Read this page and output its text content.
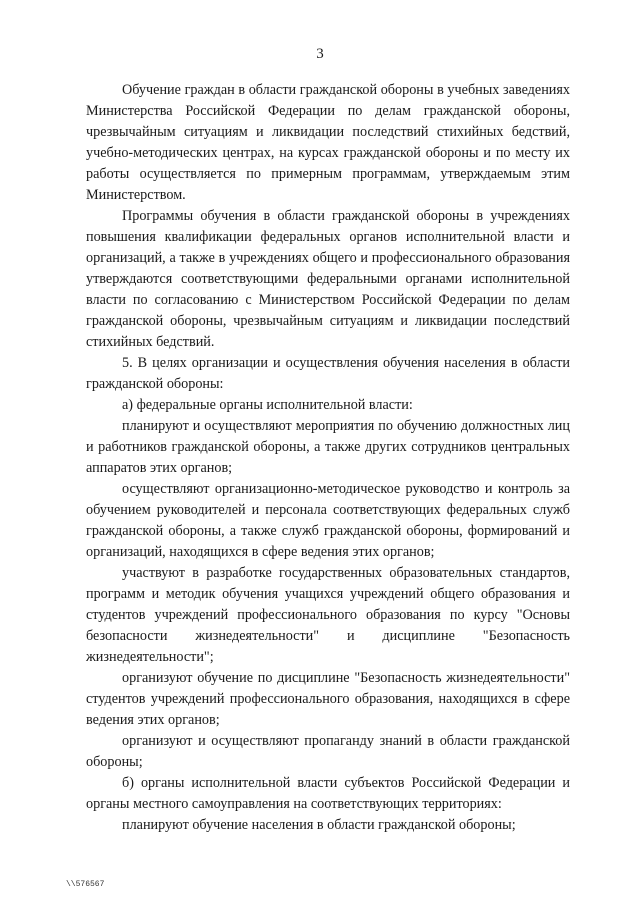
3

Обучение граждан в области гражданской обороны в учебных заведениях Министерства Российской Федерации по делам гражданской обороны, чрезвычайным ситуациям и ликвидации последствий стихийных бедствий, учебно-методических центрах, на курсах гражданской обороны и по месту их работы осуществляется по примерным программам, утверждаемым этим Министерством.

Программы обучения в области гражданской обороны в учреждениях повышения квалификации федеральных органов исполнительной власти и организаций, а также в учреждениях общего и профессионального образования утверждаются соответствующими федеральными органами исполнительной власти по согласованию с Министерством Российской Федерации по делам гражданской обороны, чрезвычайным ситуациям и ликвидации последствий стихийных бедствий.

5. В целях организации и осуществления обучения населения в области гражданской обороны:

а) федеральные органы исполнительной власти:

планируют и осуществляют мероприятия по обучению должностных лиц и работников гражданской обороны, а также других сотрудников центральных аппаратов этих органов;

осуществляют организационно-методическое руководство и контроль за обучением руководителей и персонала соответствующих федеральных служб гражданской обороны, а также служб гражданской обороны, формирований и организаций, находящихся в сфере ведения этих органов;

участвуют в разработке государственных образовательных стандартов, программ и методик обучения учащихся учреждений общего образования и студентов учреждений профессионального образования по курсу "Основы безопасности жизнедеятельности" и дисциплине "Безопасность жизнедеятельности";

организуют обучение по дисциплине "Безопасность жизнедеятельности" студентов учреждений профессионального образования, находящихся в сфере ведения этих органов;

организуют и осуществляют пропаганду знаний в области гражданской обороны;

б) органы исполнительной власти субъектов Российской Федерации и органы местного самоуправления на соответствующих территориях:

планируют обучение населения в области гражданской обороны;

\\576567
